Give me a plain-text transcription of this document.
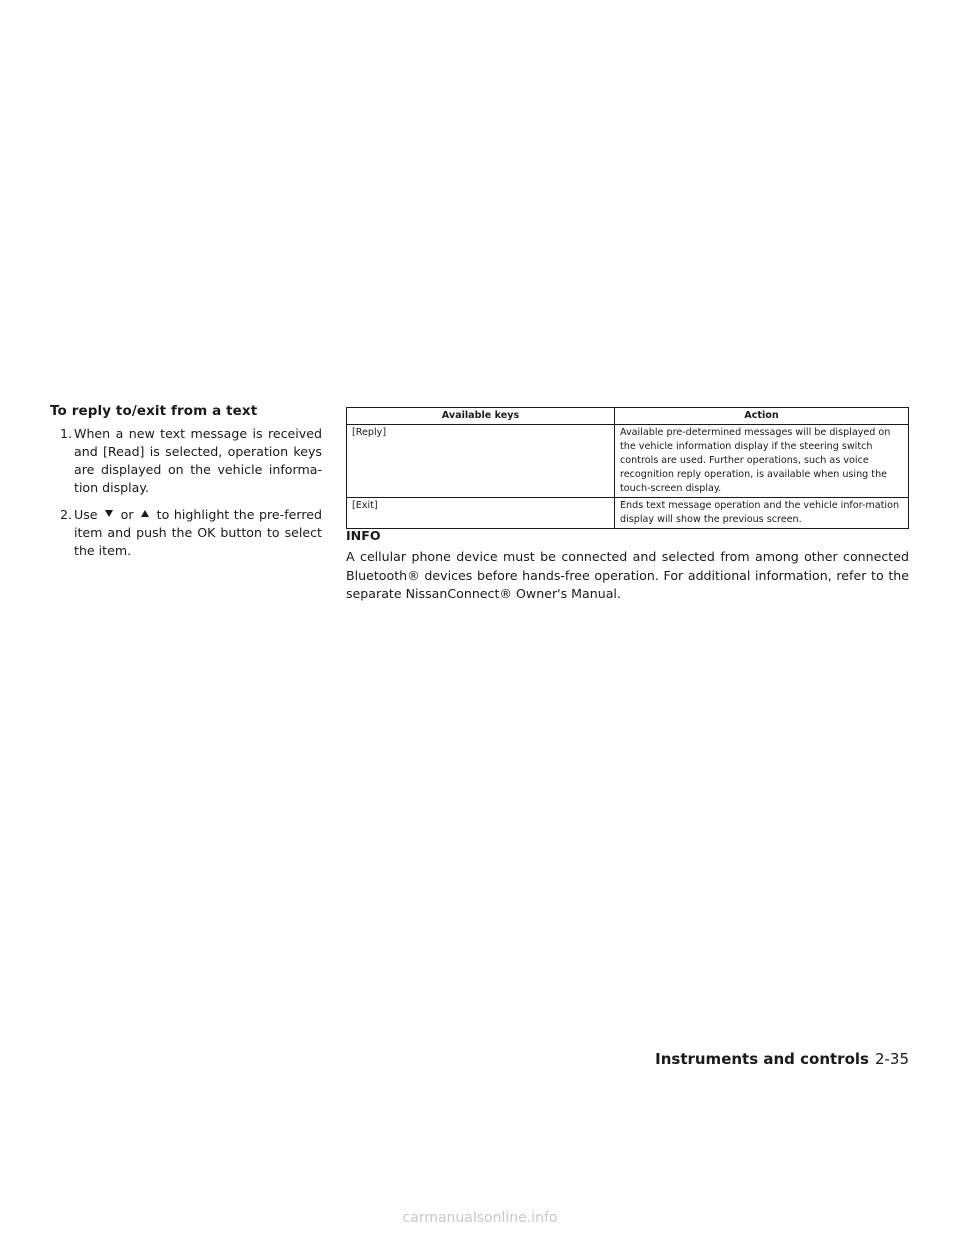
To reply to/exit from a text
1. When a new text message is received and [Read] is selected, operation keys are displayed on the vehicle informa-tion display.
2. Use or to highlight the pre-ferred item and push the OK button to select the item.
Available keys	Action
[Reply]	Available pre-determined messages will be displayed on the vehicle information display if the steering switch controls are used. Further operations, such as voice recognition reply operation, is available when using the touch-screen display.
[Exit]	Ends text message operation and the vehicle infor-mation display will show the previous screen.
INFO
A cellular phone device must be connected and selected from among other connected Bluetooth® devices before hands-free operation. For additional information, refer to the separate NissanConnect® Owner's Manual.
Instruments and controls 2-35
carmanualsonline.info
